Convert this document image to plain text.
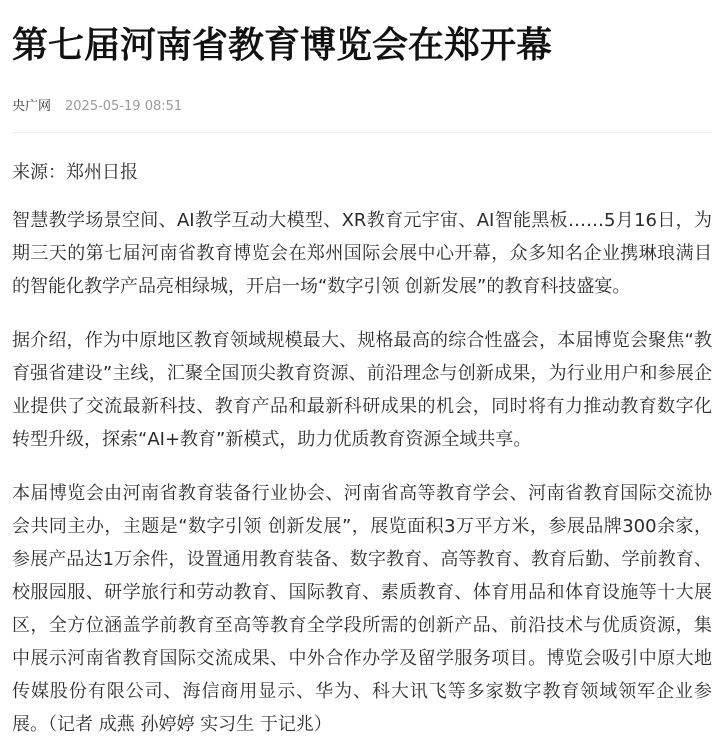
第七届河南省教育博览会在郑开幕
央广网 2025-05-19 08:51

来源：郑州日报

智慧教学场景空间、AI教学互动大模型、XR教育元宇宙、AI智能黑板……5月16日，为期三天的第七届河南省教育博览会在郑州国际会展中心开幕，众多知名企业携琳琅满目的智能化教学产品亮相绿城，开启一场“数字引领 创新发展”的教育科技盛宴。

据介绍，作为中原地区教育领域规模最大、规格最高的综合性盛会，本届博览会聚焦“教育强省建设”主线，汇聚全国顶尖教育资源、前沿理念与创新成果，为行业用户和参展企业提供了交流最新科技、教育产品和最新科研成果的机会，同时将有力推动教育数字化转型升级，探索“AI+教育”新模式，助力优质教育资源全域共享。

本届博览会由河南省教育装备行业协会、河南省高等教育学会、河南省教育国际交流协会共同主办，主题是“数字引领 创新发展”，展览面积3万平方米，参展品牌300余家，参展产品达1万余件，设置通用教育装备、数字教育、高等教育、教育后勤、学前教育、校服园服、研学旅行和劳动教育、国际教育、素质教育、体育用品和体育设施等十大展区，全方位涵盖学前教育至高等教育全学段所需的创新产品、前沿技术与优质资源，集中展示河南省教育国际交流成果、中外合作办学及留学服务项目。博览会吸引中原大地传媒股份有限公司、海信商用显示、华为、科大讯飞等多家数字教育领域领军企业参展。（记者 成燕 孙婷婷 实习生 于记兆）
